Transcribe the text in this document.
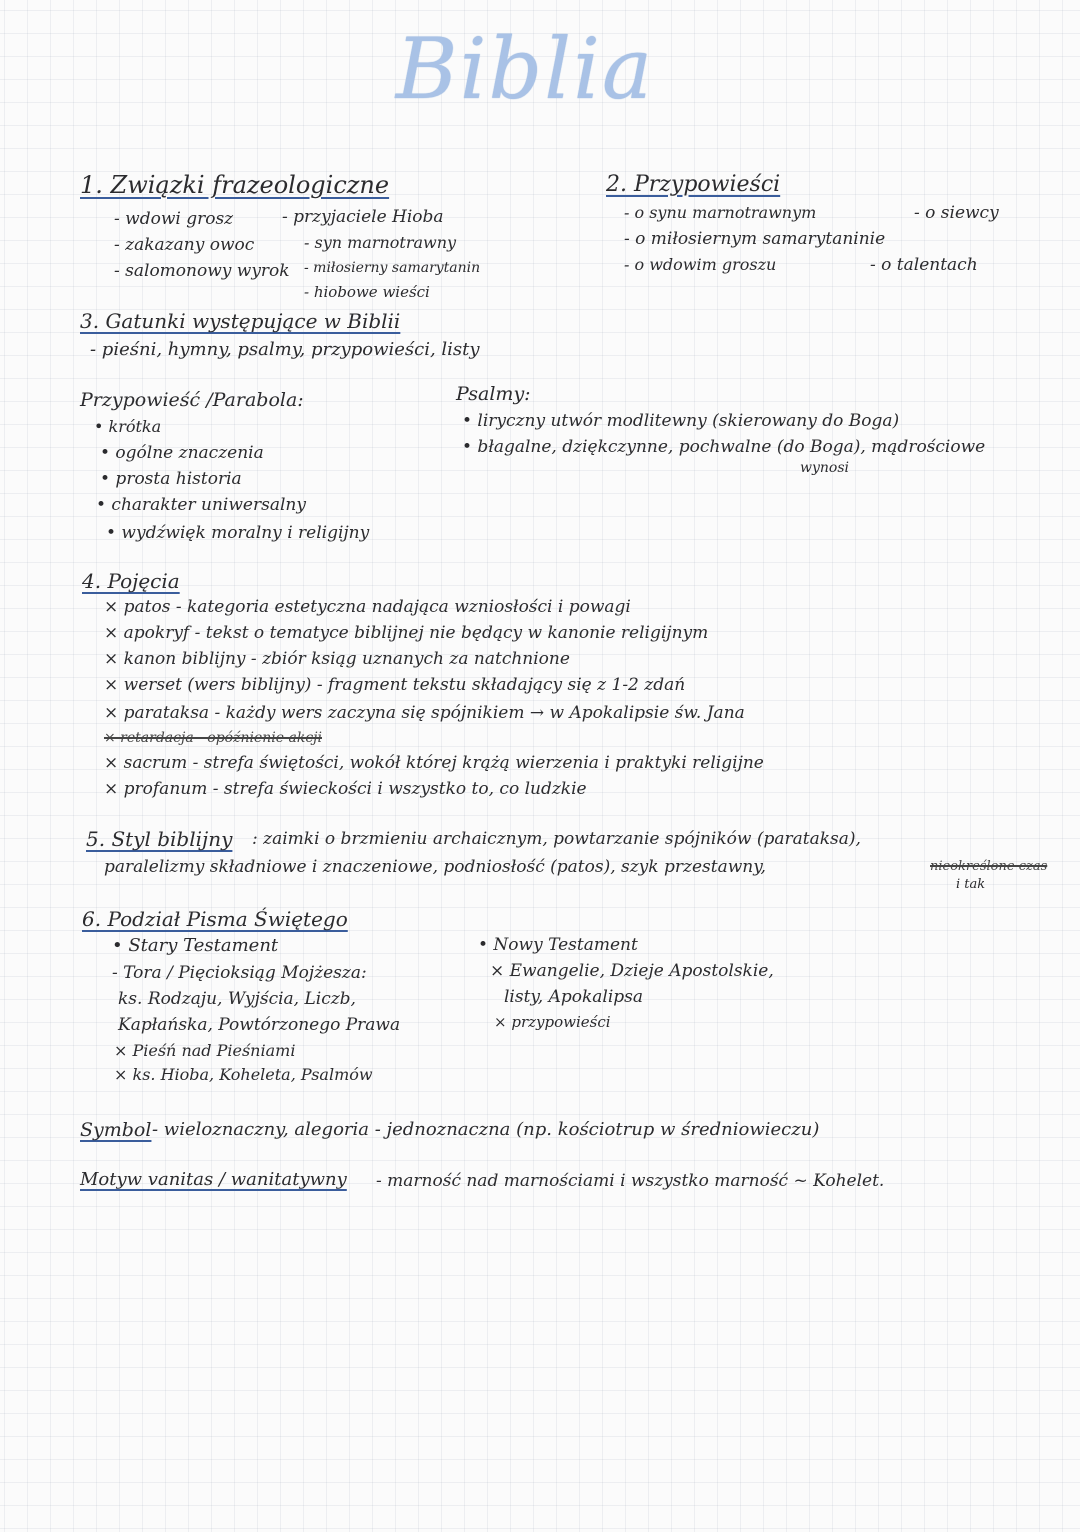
Biblia
1. Związki frazeologiczne
- wdowi grosz
- zakazany owoc
- salomonowy wyrok
- przyjaciele Hioba
- syn marnotrawny
- miłosierny samarytanin
- hiobowe wieści
2. Przypowieści
- o synu marnotrawnym
- o miłosiernym samarytaninie
- o wdowim groszu
- o siewcy
- o talentach
3. Gatunki występujące w Biblii
- pieśni, hymny, psalmy, przypowieści, listy
Przypowieść /Parabola:
• krótka
• ogólne znaczenia
• prosta historia
• charakter uniwersalny
• wydźwięk moralny i religijny
Psalmy:
• liryczny utwór modlitewny (skierowany do Boga)
• błagalne, dziękczynne, pochwalne (do Boga), mądrościowe
wynosi
4. Pojęcia
× patos - kategoria estetyczna nadająca wzniosłości i powagi
× apokryf - tekst o tematyce biblijnej nie będący w kanonie religijnym
× kanon biblijny - zbiór ksiąg uznanych za natchnione
× werset (wers biblijny) - fragment tekstu składający się z 1-2 zdań
× parataksa - każdy wers zaczyna się spójnikiem → w Apokalipsie św. Jana
× retardacja - opóźnienie akcji
× sacrum - strefa świętości, wokół której krążą wierzenia i praktyki religijne
× profanum - strefa świeckości i wszystko to, co ludzkie
5. Styl biblijny : zaimki o brzmieniu archaicznym, powtarzanie spójników (parataksa),
paralelizmy składniowe i znaczeniowe, podniosłość (patos), szyk przestawny,	nieokreślone czas
i tak
6. Podział Pisma Świętego
• Stary Testament
- Tora / Pięcioksiąg Mojżesza:
ks. Rodzaju, Wyjścia, Liczb,
Kapłańska, Powtórzonego Prawa
× Pieśń nad Pieśniami
× ks. Hioba, Koheleta, Psalmów
• Nowy Testament
× Ewangelie, Dzieje Apostolskie,
listy, Apokalipsa
× przypowieści
Symbol - wieloznaczny, alegoria - jednoznaczna (np. kościotrup w średniowieczu)
Motyw vanitas / wanitatywny - marność nad marnościami i wszystko marność ~ Kohelet.
